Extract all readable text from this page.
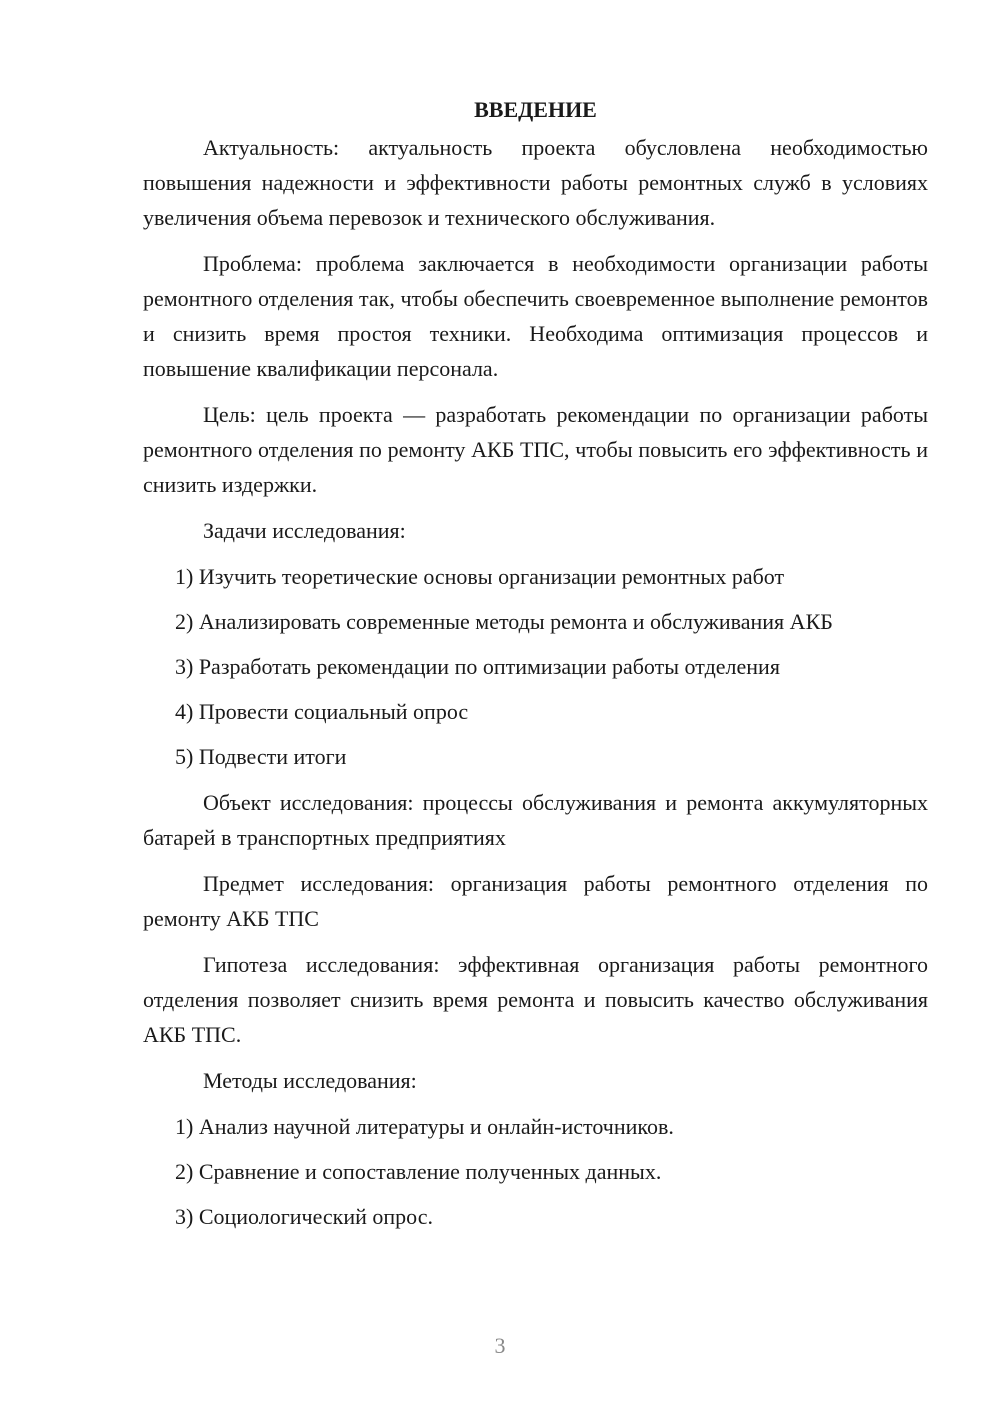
ВВЕДЕНИЕ

Актуальность: актуальность проекта обусловлена необходимостью повышения надежности и эффективности работы ремонтных служб в условиях увеличения объема перевозок и технического обслуживания.

Проблема: проблема заключается в необходимости организации работы ремонтного отделения так, чтобы обеспечить своевременное выполнение ремонтов и снизить время простоя техники. Необходима оптимизация процессов и повышение квалификации персонала.

Цель: цель проекта — разработать рекомендации по организации работы ремонтного отделения по ремонту АКБ ТПС, чтобы повысить его эффективность и снизить издержки.

Задачи исследования:

1) Изучить теоретические основы организации ремонтных работ
2) Анализировать современные методы ремонта и обслуживания АКБ
3) Разработать рекомендации по оптимизации работы отделения
4) Провести социальный опрос
5) Подвести итоги

Объект исследования: процессы обслуживания и ремонта аккумуляторных батарей в транспортных предприятиях

Предмет исследования: организация работы ремонтного отделения по ремонту АКБ ТПС

Гипотеза исследования: эффективная организация работы ремонтного отделения позволяет снизить время ремонта и повысить качество обслуживания АКБ ТПС.

Методы исследования:

1) Анализ научной литературы и онлайн-источников.
2) Сравнение и сопоставление полученных данных.
3) Социологический опрос.
3
